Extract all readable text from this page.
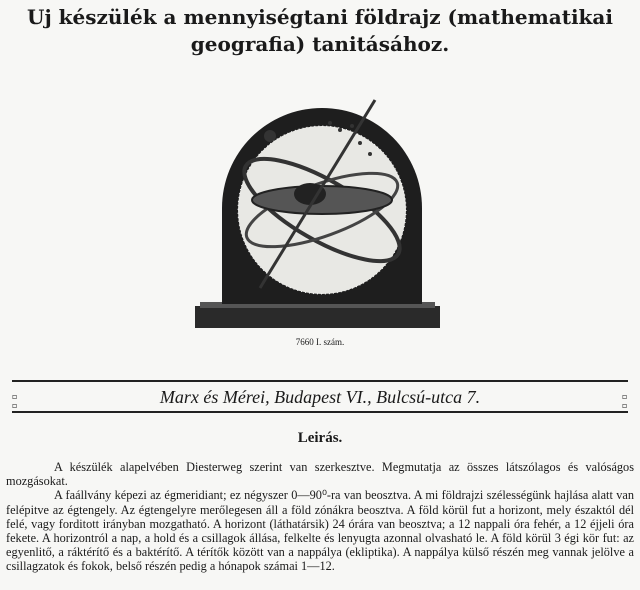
Uj készülék a mennyiségtani földrajz (mathematikai
geografia) tanitásához.
7660 I. szám.
▫
▫	Marx és Mérei, Budapest VI., Bulcsú-utca 7.	▫
▫
Leirás.

A készülék alapelvében Diesterweg szerint van szerkesztve. Megmutatja az összes látszólagos és valóságos mozgásokat.

A faállvány képezi az égmeridiant; ez négyszer 0—90⁰-ra van beosztva. A mi földrajzi szélességünk hajlása alatt van felépitve az égtengely. Az égtengelyre merőlegesen áll a föld zónákra beosztva. A föld körül fut a horizont, mely északtól dél felé, vagy forditott irányban mozgatható. A horizont (láthatársik) 24 órára van beosztva; a 12 nappali óra fehér, a 12 éjjeli óra fekete. A horizontról a nap, a hold és a csillagok állása, felkelte és lenyugta azonnal olvasható le. A föld körül 3 égi kör fut: az egyenlitő, a ráktérítő és a baktérítő. A térítők között van a nappálya (ekliptika). A nappálya külső részén meg vannak jelölve a csillagzatok és fokok, belső részén pedig a hónapok számai 1—12.
